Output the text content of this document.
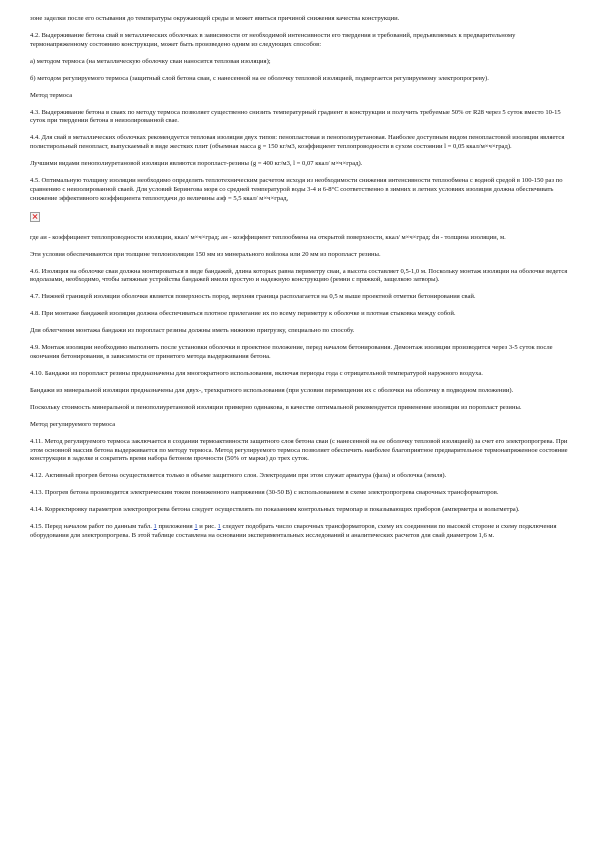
зоне заделки после его остывания до температуры окружающей среды и может явиться причиной снижения качества конструкции.

4.2. Выдерживание бетона свай в металлических оболочках в зависимости от необходимой интенсивности его твердения и требований, предъявляемых к предварительному термонапряженному состоянию конструкции, может быть произведено одним из следующих способов:

а) методом термоса (на металлическую оболочку сваи наносится тепловая изоляция);

б) методом регулируемого термоса (защитный слой бетона сваи, с нанесенной на ее оболочку тепловой изоляцией, подвергается регулируемому электропрогреву).

Метод термоса

4.3. Выдерживание бетона в сваях по методу термоса позволяет существенно снизить температурный градиент в конструкции и получить требуемые 50% от R28 через 5 суток вместо 10-15 суток при твердении бетона в неизолированной свае.

4.4. Для свай в металлических оболочках рекомендуется тепловая изоляция двух типов: пенопластовая и пенополиуретановая. Наиболее доступным видом пенопластовой изоляции является полистирольный пенопласт, выпускаемый в виде жестких плит (объемная масса g = 150 кг/м3, коэффициент теплопроводности в сухом состоянии l = 0,05 ккал/м×ч×град).

Лучшими видами пенополиуретановой изоляции являются поропласт-резины (g = 400 кг/м3, l = 0,07 ккал/ м×ч×град).

4.5. Оптимальную толщину изоляции необходимо определять теплотехническим расчетом исходя из необходимости снижения интенсивности теплообмена с водной средой в 100-150 раз по сравнению с неизолированной сваей. Для условий Берингова моря со средней температурой воды 3-4 и 6-8°С соответственно в зимних и летних условиях изоляция должна обеспечивать снижение эффективного коэффициента теплоотдачи до величины aэф = 5,5 ккал/ м×ч×град,

где aи - коэффициент теплопроводности изоляции, ккал/ м×ч×град; aн - коэффициент теплообмена на открытой поверхности, ккал/ м×ч×град; dи - толщина изоляции, м.

Эти условия обеспечиваются при толщине теплоизоляции 150 мм из минерального войлока или 20 мм из поропласт резины.

4.6. Изоляция на оболочке сваи должна монтироваться в виде бандажей, длина которых равна периметру сваи, а высота составляет 0,5-1,0 м. Поскольку монтаж изоляции на оболочке ведется водолазами, необходимо, чтобы затяжные устройства бандажей имели простую и надежную конструкцию (ремни с пряжкой, защелкою затворы).

4.7. Нижней границей изоляции оболочки является поверхность пород, верхняя граница располагается на 0,5 м выше проектной отметки бетонирования свай.

4.8. При монтаже бандажей изоляция должна обеспечиваться плотное прилегание их по всему периметру к оболочке и плотная стыковка между собой.

Для облегчения монтажа бандажи из поропласт резины должны иметь нижнюю пригрузку, специально по способу.

4.9. Монтаж изоляции необходимо выполнять после установки оболочки в проектное положение, перед началом бетонирования. Демонтаж изоляции производится через 3-5 суток после окончания бетонирования, в зависимости от принятого метода выдерживания бетона.

4.10. Бандажи из поропласт резины предназначены для многократного использования, включая периоды года с отрицательной температурой наружного воздуха.

Бандажи из минеральной изоляции предназначены для двух-, трехкратного использования (при условии перемещения их с оболочки на оболочку в подводном положении).

Поскольку стоимость минеральной и пенополиуретановой изоляции примерно одинакова, в качестве оптимальной рекомендуется применение изоляции из поропласт резины.

Метод регулируемого термоса

4.11. Метод регулируемого термоса заключается в создании термоактивности защитного слоя бетона сваи (с нанесенной на ее оболочку тепловой изоляцией) за счет его электропрогрева. При этом основной массив бетона выдерживается по методу термоса. Метод регулируемого термоса позволяет обеспечить наиболее благоприятное предварительное термонапряженное состояние конструкции в заделке и сократить время набора бетоном прочности (50% от марки) до трех суток.

4.12. Активный прогрев бетона осуществляется только в объеме защитного слоя. Электродами при этом служат арматура (фаза) и оболочка (земля).

4.13. Прогрев бетона производится электрическим током пониженного напряжения (30-50 В) с использованием в схеме электропрогрева сварочных трансформаторов.

4.14. Корректировку параметров электропрогрева бетона следует осуществлять по показаниям контрольных термопар и показывающих приборов (амперметра и вольтметра).

4.15. Перед началом работ по данным табл. 1 приложения 1 и рис. 1 следует подобрать число сварочных трансформаторов, схему их соединения по высокой стороне и схему подключения оборудования для электропрогрева. В этой таблице составлена на основании экспериментальных исследований и аналитических расчетов для свай диаметром 1,6 м.
